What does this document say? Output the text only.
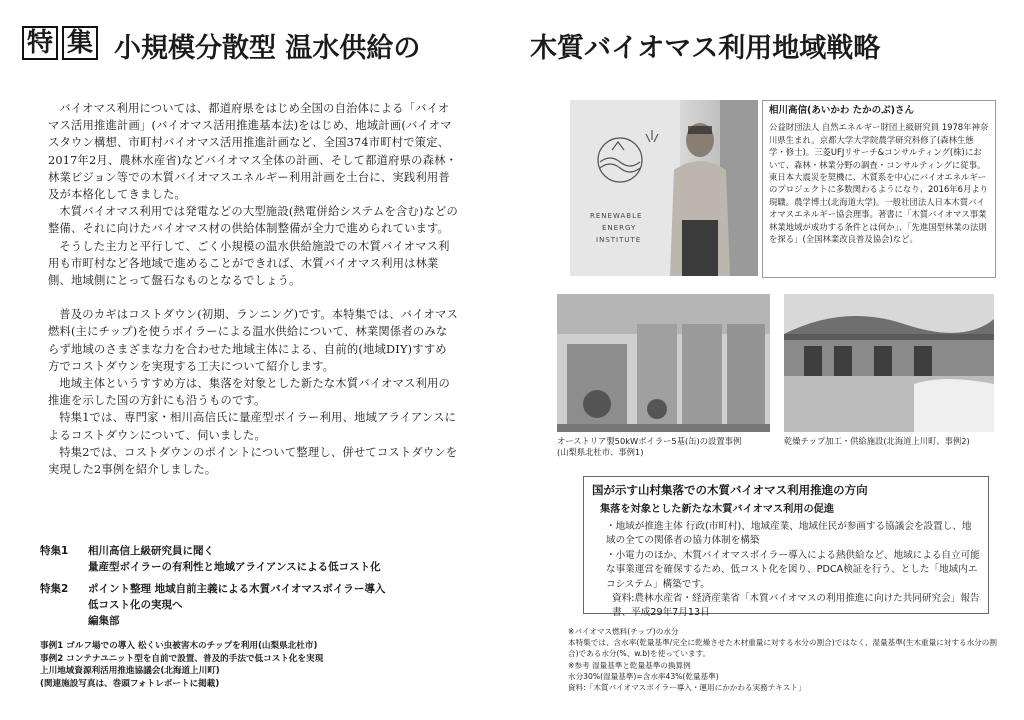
特 集 小規模分散型 温水供給の	木質バイオマス利用地域戦略

バイオマス利用については、都道府県をはじめ全国の自治体による「バイオマス活用推進計画」(バイオマス活用推進基本法)をはじめ、地域計画(バイオマスタウン構想、市町村バイオマス活用推進計画など、全国374市町村で策定、2017年2月、農林水産省)などバイオマス全体の計画、そして都道府県の森林・林業ビジョン等での木質バイオマスエネルギー利用計画を土台に、実践利用普及が本格化してきました。

木質バイオマス利用では発電などの大型施設(熱電併給システムを含む)などの整備、それに向けたバイオマス材の供給体制整備が全力で進められています。

そうした主力と平行して、ごく小規模の温水供給施設での木質バイオマス利用も市町村など各地域で進めることができれば、木質バイオマス利用は林業側、地域側にとって盤石なものとなるでしょう。

普及のカギはコストダウン(初期、ランニング)です。本特集では、バイオマス燃料(主にチップ)を使うボイラーによる温水供給について、林業関係者のみならず地域のさまざまな力を合わせた地域主体による、自前的(地域DIY)すすめ方でコストダウンを実現する工夫について紹介します。

地域主体というすすめ方は、集落を対象とした新たな木質バイオマス利用の推進を示した国の方針にも沿うものです。

特集1では、専門家・相川高信氏に量産型ボイラー利用、地域アライアンスによるコストダウンについて、伺いました。

特集2では、コストダウンのポイントについて整理し、併せてコストダウンを実現した2事例を紹介しました。

特集1	相川高信上級研究員に聞く
量産型ボイラーの有利性と地域アライアンスによる低コスト化
特集2	ポイント整理 地域自前主義による木質バイオマスボイラー導入
低コスト化の実現へ
編集部
事例1 ゴルフ場での導入 松くい虫被害木のチップを利用(山梨県北杜市)
事例2 コンテナユニット型を自前で設置、普及的手法で低コスト化を実現
上川地域資源利活用推進協議会(北海道上川町)
(関連施設写真は、巻頭フォトレポートに掲載)
RENEWABLE
ENERGY
INSTITUTE
相川高信(あいかわ たかのぶ)さん
公益財団法人 自然エネルギー財団上級研究員 1978年神奈川県生まれ。京都大学大学院農学研究科修了(森林生態学・修士)。三菱UFJリサーチ&コンサルティング(株)において、森林・林業分野の調査・コンサルティングに従事。東日本大震災を契機に、木質系を中心にバイオエネルギーのプロジェクトに多数関わるようになり、2016年6月より現職。農学博士(北海道大学)。一般社団法人日本木質バイオマスエネルギー協会理事。著書に「木質バイオマス事業 林業地域が成功する条件とは何か」、「先進国型林業の法則を探る」(全国林業改良普及協会)など。
オーストリア製50kWボイラー5基(缶)の設置事例
(山梨県北杜市、事例1)
乾燥チップ加工・供給施設(北海道上川町、事例2)
国が示す山村集落での木質バイオマス利用推進の方向
集落を対象とした新たな木質バイオマス利用の促進
・地域が推進主体 行政(市町村)、地域産業、地域住民が参画する協議会を設置し、地域の全ての関係者の協力体制を構築
・小電力のほか、木質バイオマスボイラー導入による熱供給など、地域による自立可能な事業運営を確保するため、低コスト化を図り、PDCA検証を行う、とした「地域内エコシステム」構築です。
資料:農林水産省・経済産業省「木質バイオマスの利用推進に向けた共同研究会」報告書、平成29年7月13日
※バイオマス燃料(チップ)の水分
本特集では、含水率(乾量基準/完全に乾燥させた木材重量に対する水分の割合)ではなく、湿量基準(生木重量に対する水分の割合)である水分(%、w.b)を使っています。
※参考 湿量基準と乾量基準の換算例
水分30%(湿量基準)=含水率43%(乾量基準)
資料:「木質バイオマスボイラー導入・運用にかかわる実務テキスト」
